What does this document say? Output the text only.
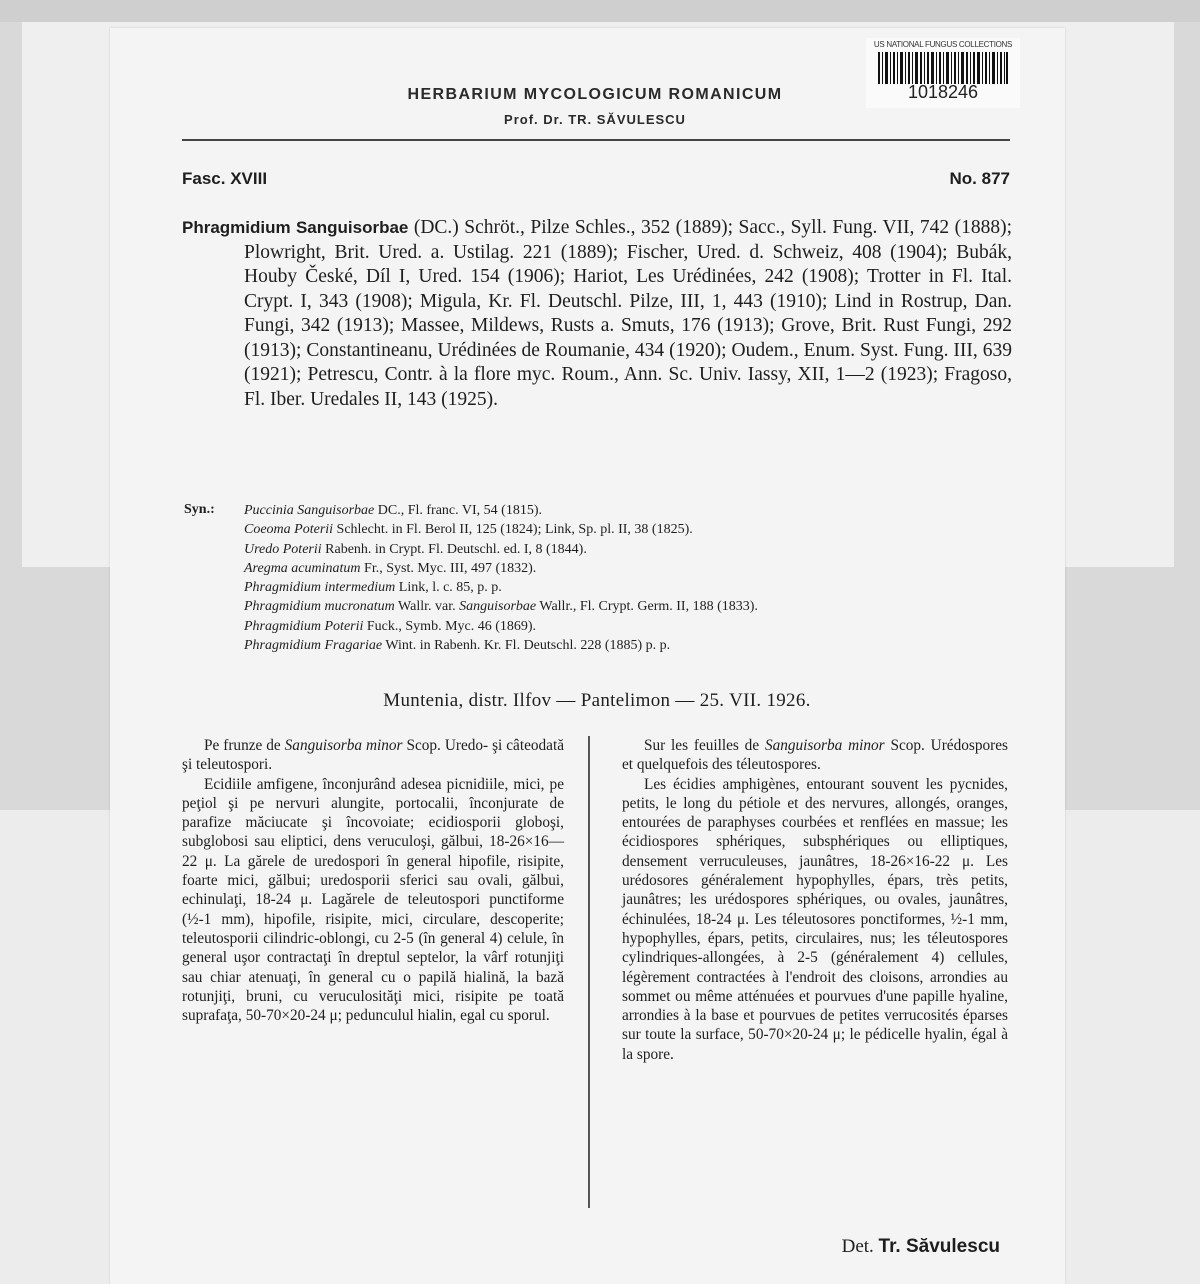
US NATIONAL FUNGUS COLLECTIONS
1018246
HERBARIUM MYCOLOGICUM ROMANICUM
Prof. Dr. TR. SĂVULESCU
Fasc. XVIII	No. 877
Phragmidium Sanguisorbae (DC.) Schröt., Pilze Schles., 352 (1889); Sacc., Syll. Fung. VII, 742 (1888); Plowright, Brit. Ured. a. Ustilag. 221 (1889); Fischer, Ured. d. Schweiz, 408 (1904); Bubák, Houby České, Díl I, Ured. 154 (1906); Hariot, Les Urédinées, 242 (1908); Trotter in Fl. Ital. Crypt. I, 343 (1908); Migula, Kr. Fl. Deutschl. Pilze, III, 1, 443 (1910); Lind in Rostrup, Dan. Fungi, 342 (1913); Massee, Mildews, Rusts a. Smuts, 176 (1913); Grove, Brit. Rust Fungi, 292 (1913); Constantineanu, Urédinées de Roumanie, 434 (1920); Oudem., Enum. Syst. Fung. III, 639 (1921); Petrescu, Contr. à la flore myc. Roum., Ann. Sc. Univ. Iassy, XII, 1—2 (1923); Fragoso, Fl. Iber. Uredales II, 143 (1925).
Syn.: Puccinia Sanguisorbae DC., Fl. franc. VI, 54 (1815).
Coeoma Poterii Schlecht. in Fl. Berol II, 125 (1824); Link, Sp. pl. II, 38 (1825).
Uredo Poterii Rabenh. in Crypt. Fl. Deutschl. ed. I, 8 (1844).
Aregma acuminatum Fr., Syst. Myc. III, 497 (1832).
Phragmidium intermedium Link, l. c. 85, p. p.
Phragmidium mucronatum Wallr. var. Sanguisorbae Wallr., Fl. Crypt. Germ. II, 188 (1833).
Phragmidium Poterii Fuck., Symb. Myc. 46 (1869).
Phragmidium Fragariae Wint. in Rabenh. Kr. Fl. Deutschl. 228 (1885) p. p.
Muntenia, distr. Ilfov — Pantelimon — 25. VII. 1926.

Pe frunze de Sanguisorba minor Scop. Uredo- şi câteodată şi teleutospori.

Ecidiile amfigene, înconjurând adesea picnidiile, mici, pe peţiol şi pe nervuri alungite, portocalii, înconjurate de parafize măciucate şi încovoiate; ecidiosporii globoşi, subglobosi sau eliptici, dens veruculoşi, gălbui, 18-26×16—22 μ. La gărele de uredospori în general hipofile, risipite, foarte mici, gălbui; uredosporii sferici sau ovali, gălbui, echinulaţi, 18-24 μ. Lagărele de teleutospori punctiforme (½-1 mm), hipofile, risipite, mici, circulare, descoperite; teleutosporii cilindric-oblongi, cu 2-5 (în general 4) celule, în general uşor contractaţi în dreptul septelor, la vârf rotunjiţi sau chiar atenuaţi, în general cu o papilă hialină, la bază rotunjiţi, bruni, cu veruculosităţi mici, risipite pe toată suprafaţa, 50-70×20-24 μ; pedunculul hialin, egal cu sporul.

Sur les feuilles de Sanguisorba minor Scop. Urédospores et quelquefois des téleutospores.

Les écidies amphigènes, entourant souvent les pycnides, petits, le long du pétiole et des nervures, allongés, oranges, entourées de paraphyses courbées et renflées en massue; les écidiospores sphériques, subsphériques ou elliptiques, densement verruculeuses, jaunâtres, 18-26×16-22 μ. Les urédosores généralement hypophylles, épars, très petits, jaunâtres; les urédospores sphériques, ou ovales, jaunâtres, échinulées, 18-24 μ. Les téleutosores ponctiformes, ½-1 mm, hypophylles, épars, petits, circulaires, nus; les téleutospores cylindriques-allongées, à 2-5 (généralement 4) cellules, légèrement contractées à l'endroit des cloisons, arrondies au sommet ou même atténuées et pourvues d'une papille hyaline, arrondies à la base et pourvues de petites verrucosités éparses sur toute la surface, 50-70×20-24 μ; le pédicelle hyalin, égal à la spore.

Det. Tr. Săvulescu
